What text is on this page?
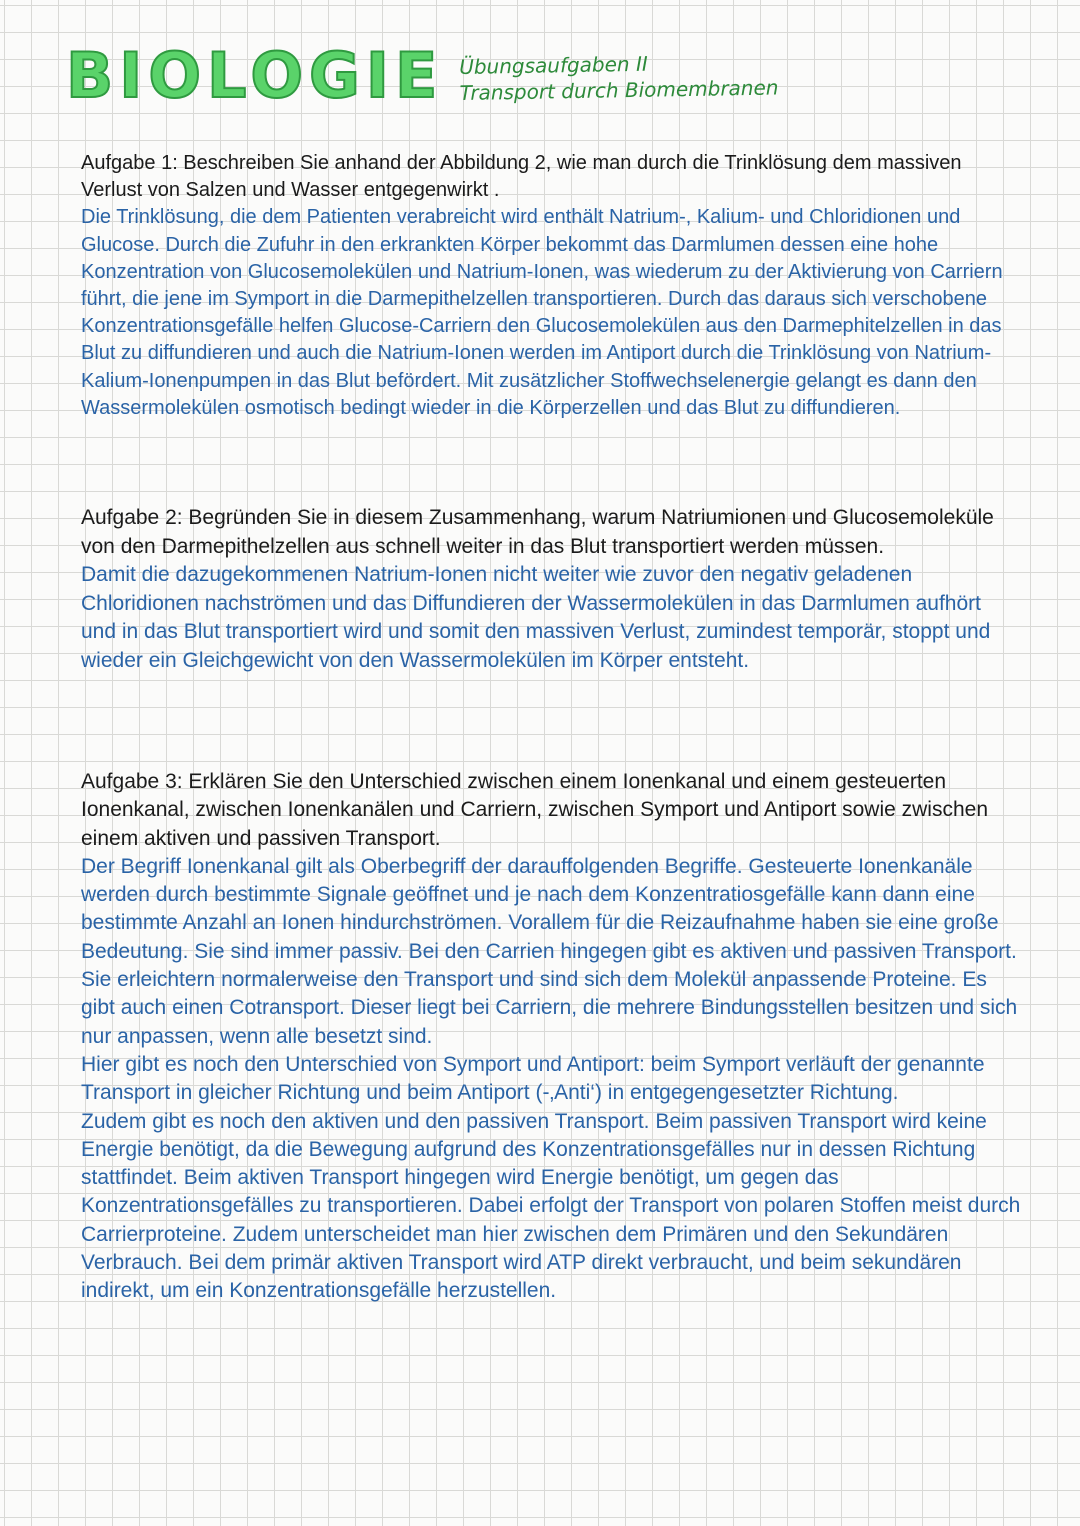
BIOLOGIE Übungsaufgaben II
Transport durch Biomembranen

Aufgabe 1: Beschreiben Sie anhand der Abbildung 2, wie man durch die Trinklösung dem massiven Verlust von Salzen und Wasser entgegenwirkt .

Die Trinklösung, die dem Patienten verabreicht wird enthält Natrium-, Kalium- und Chloridionen und Glucose. Durch die Zufuhr in den erkrankten Körper bekommt das Darmlumen dessen eine hohe Konzentration von Glucosemolekülen und Natrium-Ionen, was wiederum zu der Aktivierung von Carriern führt, die jene im Symport in die Darmepithelzellen transportieren. Durch das daraus sich verschobene Konzentrationsgefälle helfen Glucose-Carriern den Glucosemolekülen aus den Darmephitelzellen in das Blut zu diffundieren und auch die Natrium-Ionen werden im Antiport durch die Trinklösung von Natrium-Kalium-Ionenpumpen in das Blut befördert. Mit zusätzlicher Stoffwechselenergie gelangt es dann den Wassermolekülen osmotisch bedingt wieder in die Körperzellen und das Blut zu diffundieren.

Aufgabe 2: Begründen Sie in diesem Zusammenhang, warum Natriumionen und Glucosemoleküle von den Darmepithelzellen aus schnell weiter in das Blut transportiert werden müssen.

Damit die dazugekommenen Natrium-Ionen nicht weiter wie zuvor den negativ geladenen Chloridionen nachströmen und das Diffundieren der Wassermolekülen in das Darmlumen aufhört und in das Blut transportiert wird und somit den massiven Verlust, zumindest temporär, stoppt und wieder ein Gleichgewicht von den Wassermolekülen im Körper entsteht.

Aufgabe 3: Erklären Sie den Unterschied zwischen einem Ionenkanal und einem gesteuerten Ionenkanal, zwischen Ionenkanälen und Carriern, zwischen Symport und Antiport sowie zwischen einem aktiven und passiven Transport.

Der Begriff Ionenkanal gilt als Oberbegriff der darauffolgenden Begriffe. Gesteuerte Ionenkanäle werden durch bestimmte Signale geöffnet und je nach dem Konzentratiosgefälle kann dann eine bestimmte Anzahl an Ionen hindurchströmen. Vorallem für die Reizaufnahme haben sie eine große Bedeutung. Sie sind immer passiv. Bei den Carrien hingegen gibt es aktiven und passiven Transport. Sie erleichtern normalerweise den Transport und sind sich dem Molekül anpassende Proteine. Es gibt auch einen Cotransport. Dieser liegt bei Carriern, die mehrere Bindungsstellen besitzen und sich nur anpassen, wenn alle besetzt sind.

Hier gibt es noch den Unterschied von Symport und Antiport: beim Symport verläuft der genannte Transport in gleicher Richtung und beim Antiport (-‚Anti‘) in entgegengesetzter Richtung.

Zudem gibt es noch den aktiven und den passiven Transport. Beim passiven Transport wird keine Energie benötigt, da die Bewegung aufgrund des Konzentrationsgefälles nur in dessen Richtung stattfindet. Beim aktiven Transport hingegen wird Energie benötigt, um gegen das Konzentrationsgefälles zu transportieren. Dabei erfolgt der Transport von polaren Stoffen meist durch Carrierproteine. Zudem unterscheidet man hier zwischen dem Primären und den Sekundären Verbrauch. Bei dem primär aktiven Transport wird ATP direkt verbraucht, und beim sekundären indirekt, um ein Konzentrationsgefälle herzustellen.
